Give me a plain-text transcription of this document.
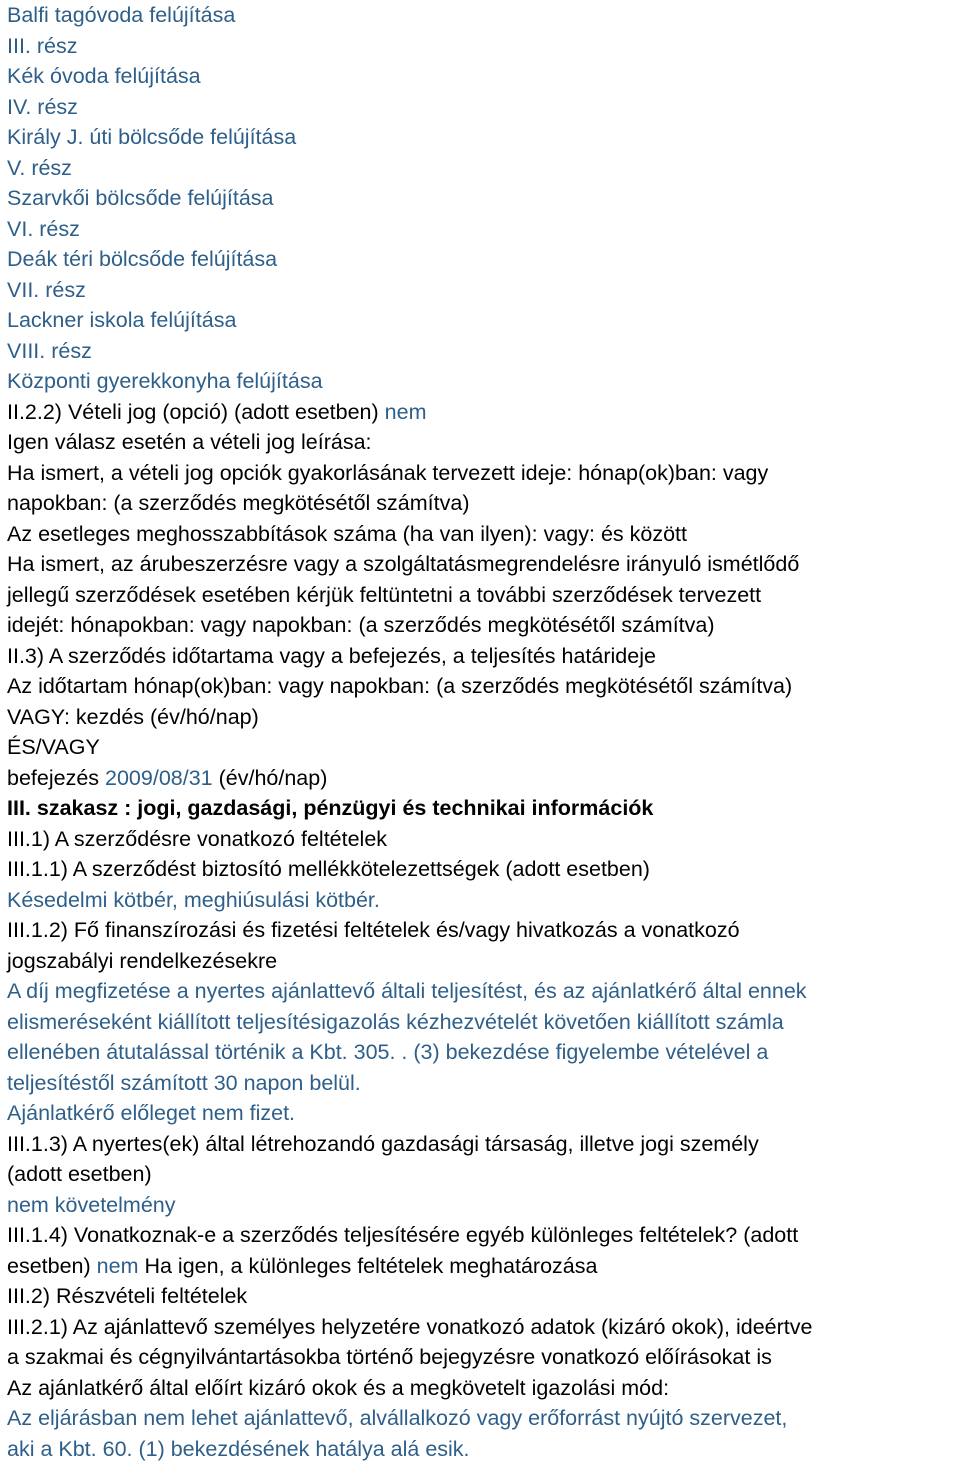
Balfi tagóvoda felújítása
III. rész
Kék óvoda felújítása
IV. rész
Király J. úti bölcsőde felújítása
V. rész
Szarvkői bölcsőde felújítása
VI. rész
Deák téri bölcsőde felújítása
VII. rész
Lackner iskola felújítása
VIII. rész
Központi gyerekkonyha felújítása
II.2.2) Vételi jog (opció) (adott esetben) nem
Igen válasz esetén a vételi jog leírása:
Ha ismert, a vételi jog opciók gyakorlásának tervezett ideje: hónap(ok)ban: vagy
napokban: (a szerződés megkötésétől számítva)
Az esetleges meghosszabbítások száma (ha van ilyen): vagy: és között
Ha ismert, az árubeszerzésre vagy a szolgáltatásmegrendelésre irányuló ismétlődő
jellegű szerződések esetében kérjük feltüntetni a további szerződések tervezett
idejét: hónapokban: vagy napokban: (a szerződés megkötésétől számítva)
II.3) A szerződés időtartama vagy a befejezés, a teljesítés határideje
Az időtartam hónap(ok)ban: vagy napokban: (a szerződés megkötésétől számítva)
VAGY: kezdés (év/hó/nap)
ÉS/VAGY
befejezés 2009/08/31 (év/hó/nap)
III. szakasz : jogi, gazdasági, pénzügyi és technikai információk
III.1) A szerződésre vonatkozó feltételek
III.1.1) A szerződést biztosító mellékkötelezettségek (adott esetben)
Késedelmi kötbér, meghiúsulási kötbér.
III.1.2) Fő finanszírozási és fizetési feltételek és/vagy hivatkozás a vonatkozó
jogszabályi rendelkezésekre
A díj megfizetése a nyertes ajánlattevő általi teljesítést, és az ajánlatkérő által ennek
elismeréseként kiállított teljesítésigazolás kézhezvételét követően kiállított számla
ellenében átutalással történik a Kbt. 305. . (3) bekezdése figyelembe vételével a
teljesítéstől számított 30 napon belül.
Ajánlatkérő előleget nem fizet.
III.1.3) A nyertes(ek) által létrehozandó gazdasági társaság, illetve jogi személy
(adott esetben)
nem követelmény
III.1.4) Vonatkoznak-e a szerződés teljesítésére egyéb különleges feltételek? (adott
esetben) nem Ha igen, a különleges feltételek meghatározása
III.2) Részvételi feltételek
III.2.1) Az ajánlattevő személyes helyzetére vonatkozó adatok (kizáró okok), ideértve
a szakmai és cégnyilvántartásokba történő bejegyzésre vonatkozó előírásokat is
Az ajánlatkérő által előírt kizáró okok és a megkövetelt igazolási mód:
Az eljárásban nem lehet ajánlattevő, alvállalkozó vagy erőforrást nyújtó szervezet,
aki a Kbt. 60. (1) bekezdésének hatálya alá esik.
